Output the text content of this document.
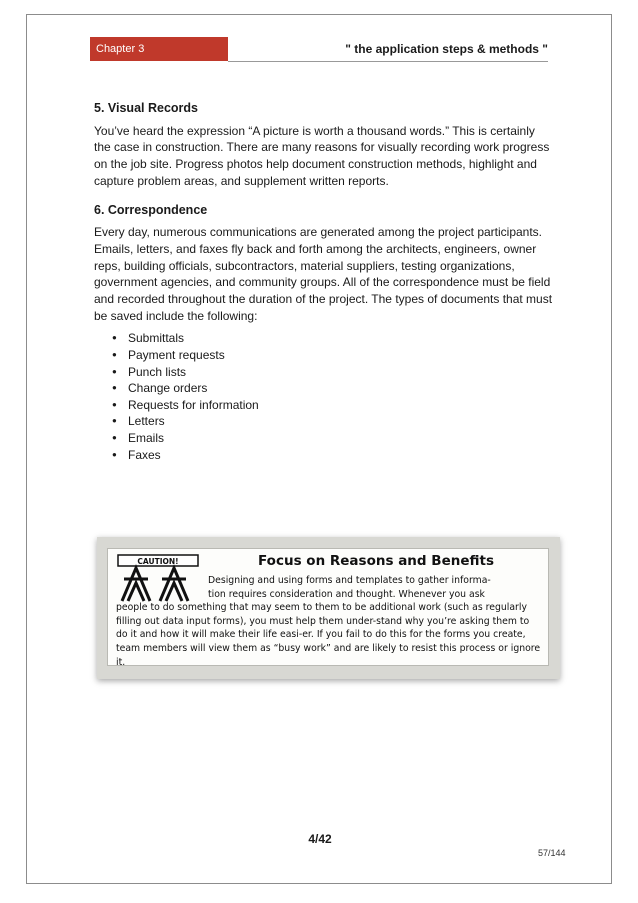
Chapter 3	" the application steps & methods "
5. Visual Records

You’ve heard the expression “A picture is worth a thousand words.” This is certainly the case in construction. There are many reasons for visually recording work progress on the job site. Progress photos help document construction methods, highlight and capture problem areas, and supplement written reports.

6. Correspondence

Every day, numerous communications are generated among the project participants. Emails, letters, and faxes fly back and forth among the architects, engineers, owner reps, building officials, subcontractors, material suppliers, testing organizations, government agencies, and community groups. All of the correspondence must be field and recorded throughout the duration of the project. The types of documents that must be saved include the following:

● Submittals
● Payment requests
● Punch lists
● Change orders
● Requests for information
● Letters
● Emails
● Faxes
CAUTION!	Focus on Reasons and Benefits
Designing and using forms and templates to gather informa-
tion requires consideration and thought. Whenever you ask
people to do something that may seem to them to be additional work (such as regularly filling out data input forms), you must help them under-stand why you’re asking them to do it and how it will make their life easi-er. If you fail to do this for the forms you create, team members will view them as “busy work” and are likely to resist this process or ignore it.
4/42
57/144
